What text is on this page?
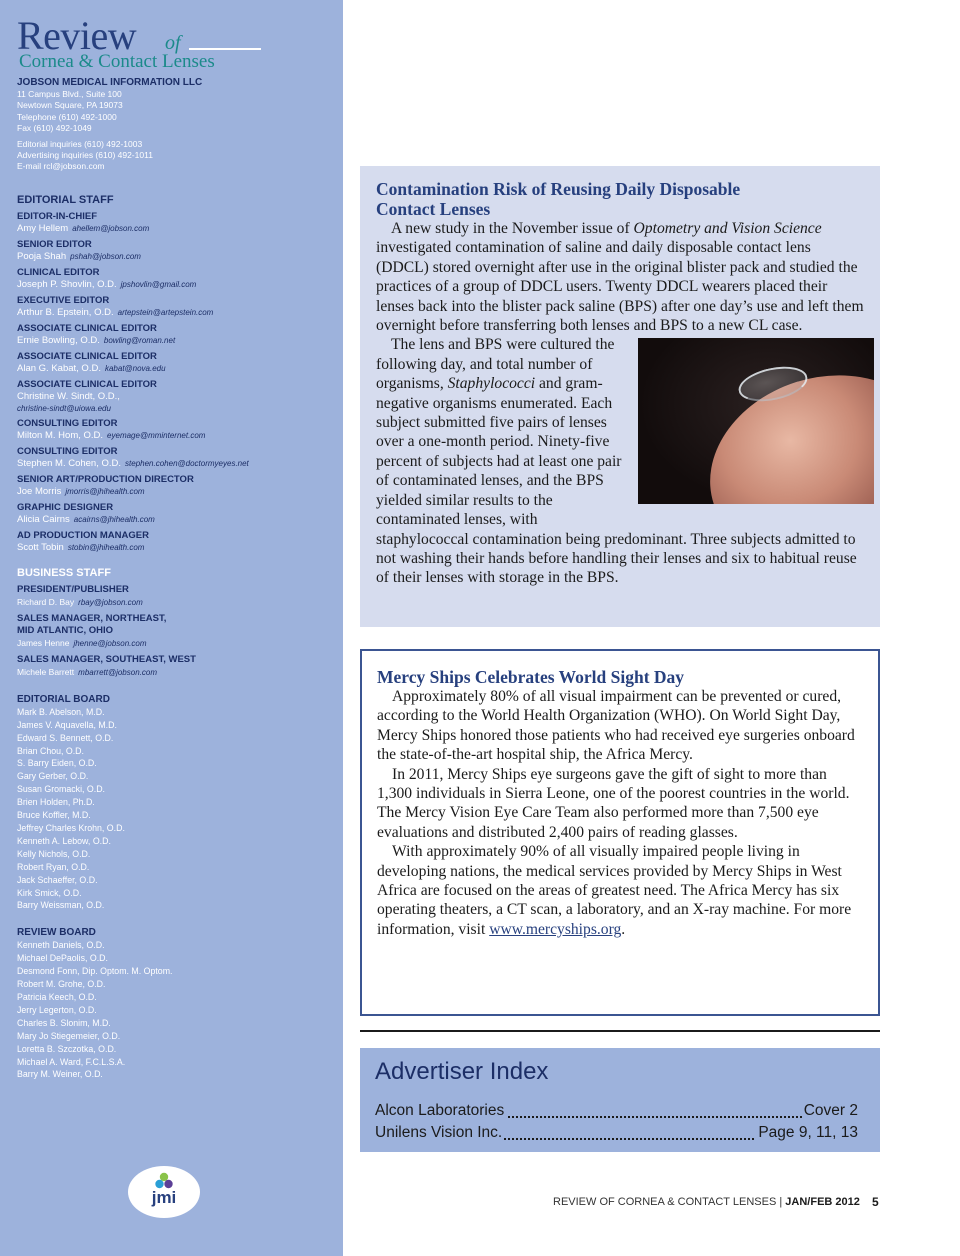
Review of
Cornea & Contact Lenses
JOBSON MEDICAL INFORMATION LLC
11 Campus Blvd., Suite 100
Newtown Square, PA 19073
Telephone (610) 492-1000
Fax (610) 492-1049
Editorial inquiries (610) 492-1003
Advertising inquiries (610) 492-1011
E-mail rcl@jobson.com
EDITORIAL STAFF
EDITOR-IN-CHIEF
Amy Hellem ahellem@jobson.com
SENIOR EDITOR
Pooja Shah pshah@jobson.com
CLINICAL EDITOR
Joseph P. Shovlin, O.D. jpshovlin@gmail.com
EXECUTIVE EDITOR
Arthur B. Epstein, O.D. artepstein@artepstein.com
ASSOCIATE CLINICAL EDITOR
Ernie Bowling, O.D. bowling@roman.net
ASSOCIATE CLINICAL EDITOR
Alan G. Kabat, O.D. kabat@nova.edu
ASSOCIATE CLINICAL EDITOR
Christine W. Sindt, O.D.,
christine-sindt@uiowa.edu
CONSULTING EDITOR
Milton M. Hom, O.D. eyemage@mminternet.com
CONSULTING EDITOR
Stephen M. Cohen, O.D. stephen.cohen@doctormyeyes.net
SENIOR ART/PRODUCTION DIRECTOR
Joe Morris jmorris@jhihealth.com
GRAPHIC DESIGNER
Alicia Cairns acairns@jhihealth.com
AD PRODUCTION MANAGER
Scott Tobin stobin@jhihealth.com
BUSINESS STAFF
PRESIDENT/PUBLISHER
Richard D. Bay rbay@jobson.com
SALES MANAGER, NORTHEAST,
MID ATLANTIC, OHIO
James Henne jhenne@jobson.com
SALES MANAGER, SOUTHEAST, WEST
Michele Barrett mbarrett@jobson.com
EDITORIAL BOARD
Mark B. Abelson, M.D.
James V. Aquavella, M.D.
Edward S. Bennett, O.D.
Brian Chou, O.D.
S. Barry Eiden, O.D.
Gary Gerber, O.D.
Susan Gromacki, O.D.
Brien Holden, Ph.D.
Bruce Koffler, M.D.
Jeffrey Charles Krohn, O.D.
Kenneth A. Lebow, O.D.
Kelly Nichols, O.D.
Robert Ryan, O.D.
Jack Schaeffer, O.D.
Kirk Smick, O.D.
Barry Weissman, O.D.
REVIEW BOARD
Kenneth Daniels, O.D.
Michael DePaolis, O.D.
Desmond Fonn, Dip. Optom. M. Optom.
Robert M. Grohe, O.D.
Patricia Keech, O.D.
Jerry Legerton, O.D.
Charles B. Slonim, M.D.
Mary Jo Stiegemeier, O.D.
Loretta B. Szczotka, O.D.
Michael A. Ward, F.C.L.S.A.
Barry M. Weiner, O.D.
jmi
Contamination Risk of Reusing Daily Disposable
Contact Lenses

A new study in the November issue of Optometry and Vision Science investigated contamination of saline and daily disposable contact lens (DDCL) stored overnight after use in the original blister pack and studied the practices of a group of DDCL users. Twenty DDCL wearers placed their lenses back into the blister pack saline (BPS) after one day’s use and left them overnight before transferring both lenses and BPS to a new CL case.

The lens and BPS were cultured the following day, and total number of organisms, Staphylococci and gram-negative organisms enumerated. Each subject submitted five pairs of lenses over a one-month period. Ninety-five percent of subjects had at least one pair of contaminated lenses, and the BPS yielded similar results to the contaminated lenses, with staphylococcal contamination being predominant. Three subjects admitted to not washing their hands before handling their lenses and six to habitual reuse of their lenses with storage in the BPS.

Mercy Ships Celebrates World Sight Day

Approximately 80% of all visual impairment can be prevented or cured, according to the World Health Organization (WHO). On World Sight Day, Mercy Ships honored those patients who had received eye surgeries onboard the state-of-the-art hospital ship, the Africa Mercy.

In 2011, Mercy Ships eye surgeons gave the gift of sight to more than 1,300 individuals in Sierra Leone, one of the poorest countries in the world. The Mercy Vision Eye Care Team also performed more than 7,500 eye evaluations and distributed 2,400 pairs of reading glasses.

With approximately 90% of all visually impaired people living in developing nations, the medical services provided by Mercy Ships in West Africa are focused on the areas of greatest need. The Africa Mercy has six operating theaters, a CT scan, a laboratory, and an X-ray machine. For more information, visit www.mercyships.org.

Advertiser Index
Alcon Laboratories	Cover 2
Unilens Vision Inc.	Page 9, 11, 13
REVIEW OF CORNEA & CONTACT LENSES | JAN/FEB 2012	5
